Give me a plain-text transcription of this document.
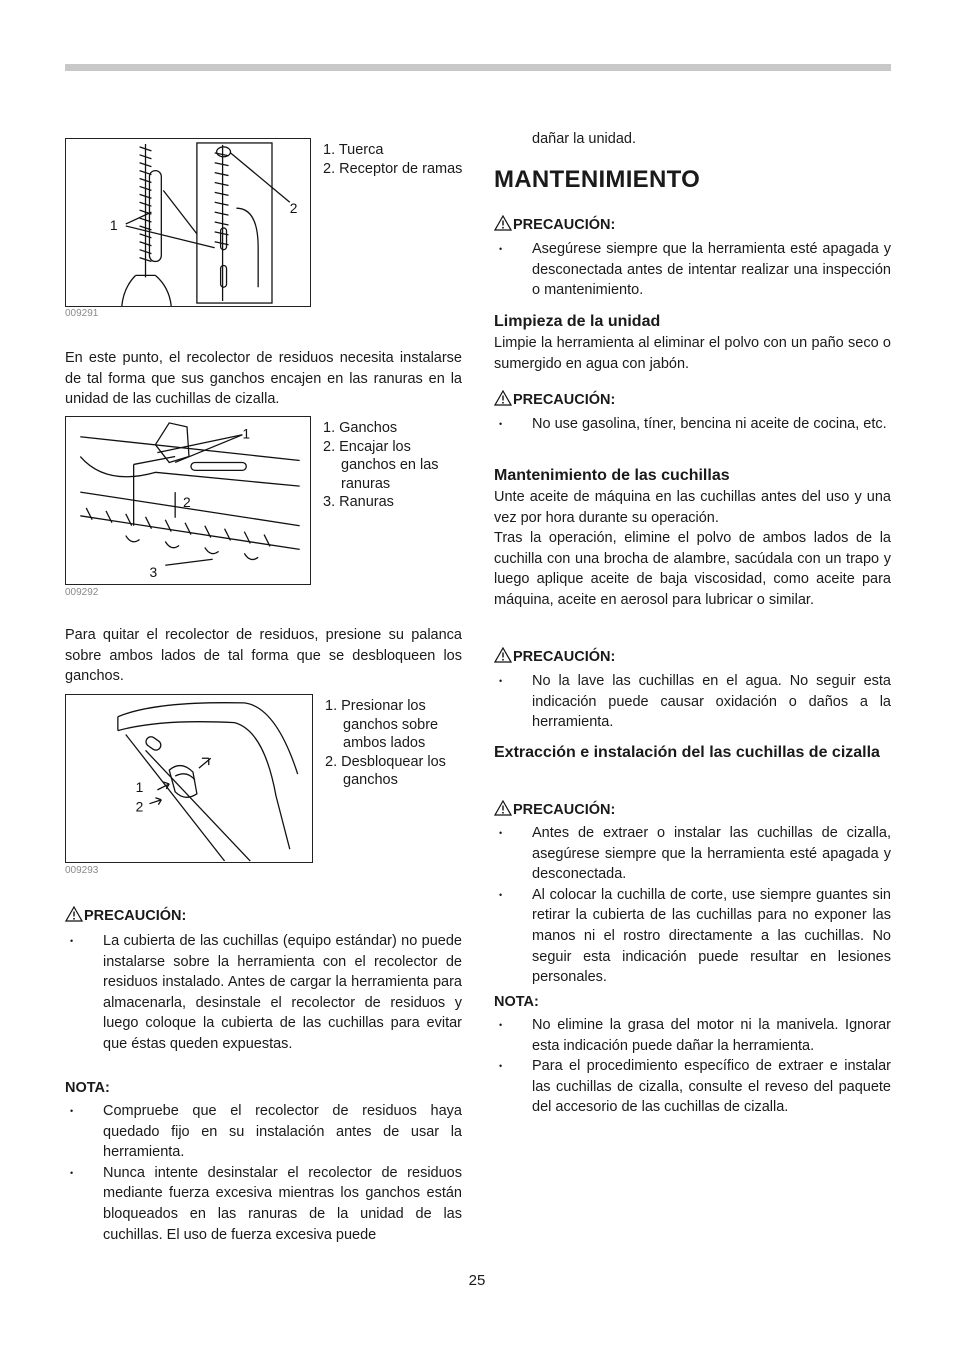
1
2
1. Tuerca
2. Receptor de ramas
009291

En este punto, el recolector de residuos necesita instalarse de tal forma que sus ganchos encajen en las ranuras en la unidad de las cuchillas de cizalla.

1
2
3
1. Ganchos
2. Encajar los ganchos en las ranuras
3. Ranuras
009292

Para quitar el recolector de residuos, presione su palanca sobre ambos lados de tal forma que se desbloqueen los ganchos.

1
2
1. Presionar los ganchos sobre ambos lados
2. Desbloquear los ganchos
009293
PRECAUCIÓN:
• La cubierta de las cuchillas (equipo estándar) no puede instalarse sobre la herramienta con el recolector de residuos instalado. Antes de cargar la herramienta para almacenarla, desinstale el recolector de residuos y luego coloque la cubierta de las cuchillas para evitar que éstas queden expuestas.
NOTA:
• Compruebe que el recolector de residuos haya quedado fijo en su instalación antes de usar la herramienta.
• Nunca intente desinstalar el recolector de residuos mediante fuerza excesiva mientras los ganchos están bloqueados en las ranuras de la unidad de las cuchillas. El uso de fuerza excesiva puede
dañar la unidad.
MANTENIMIENTO
PRECAUCIÓN:
• Asegúrese siempre que la herramienta esté apagada y desconectada antes de intentar realizar una inspección o mantenimiento.
Limpieza de la unidad

Limpie la herramienta al eliminar el polvo con un paño seco o sumergido en agua con jabón.

PRECAUCIÓN:
• No use gasolina, tíner, bencina ni aceite de cocina, etc.
Mantenimiento de las cuchillas

Unte aceite de máquina en las cuchillas antes del uso y una vez por hora durante su operación.

Tras la operación, elimine el polvo de ambos lados de la cuchilla con una brocha de alambre, sacúdala con un trapo y luego aplique aceite de baja viscosidad, como aceite para máquina, aceite en aerosol para lubricar o similar.

PRECAUCIÓN:
• No la lave las cuchillas en el agua. No seguir esta indicación puede causar oxidación o daños a la herramienta.
Extracción e instalación del las cuchillas de cizalla
PRECAUCIÓN:
• Antes de extraer o instalar las cuchillas de cizalla, asegúrese siempre que la herramienta esté apagada y desconectada.
• Al colocar la cuchilla de corte, use siempre guantes sin retirar la cubierta de las cuchillas para no exponer las manos ni el rostro directamente a las cuchillas. No seguir esta indicación puede resultar en lesiones personales.
NOTA:
• No elimine la grasa del motor ni la manivela. Ignorar esta indicación puede dañar la herramienta.
• Para el procedimiento específico de extraer e instalar las cuchillas de cizalla, consulte el reveso del paquete del accesorio de las cuchillas de cizalla.
25
